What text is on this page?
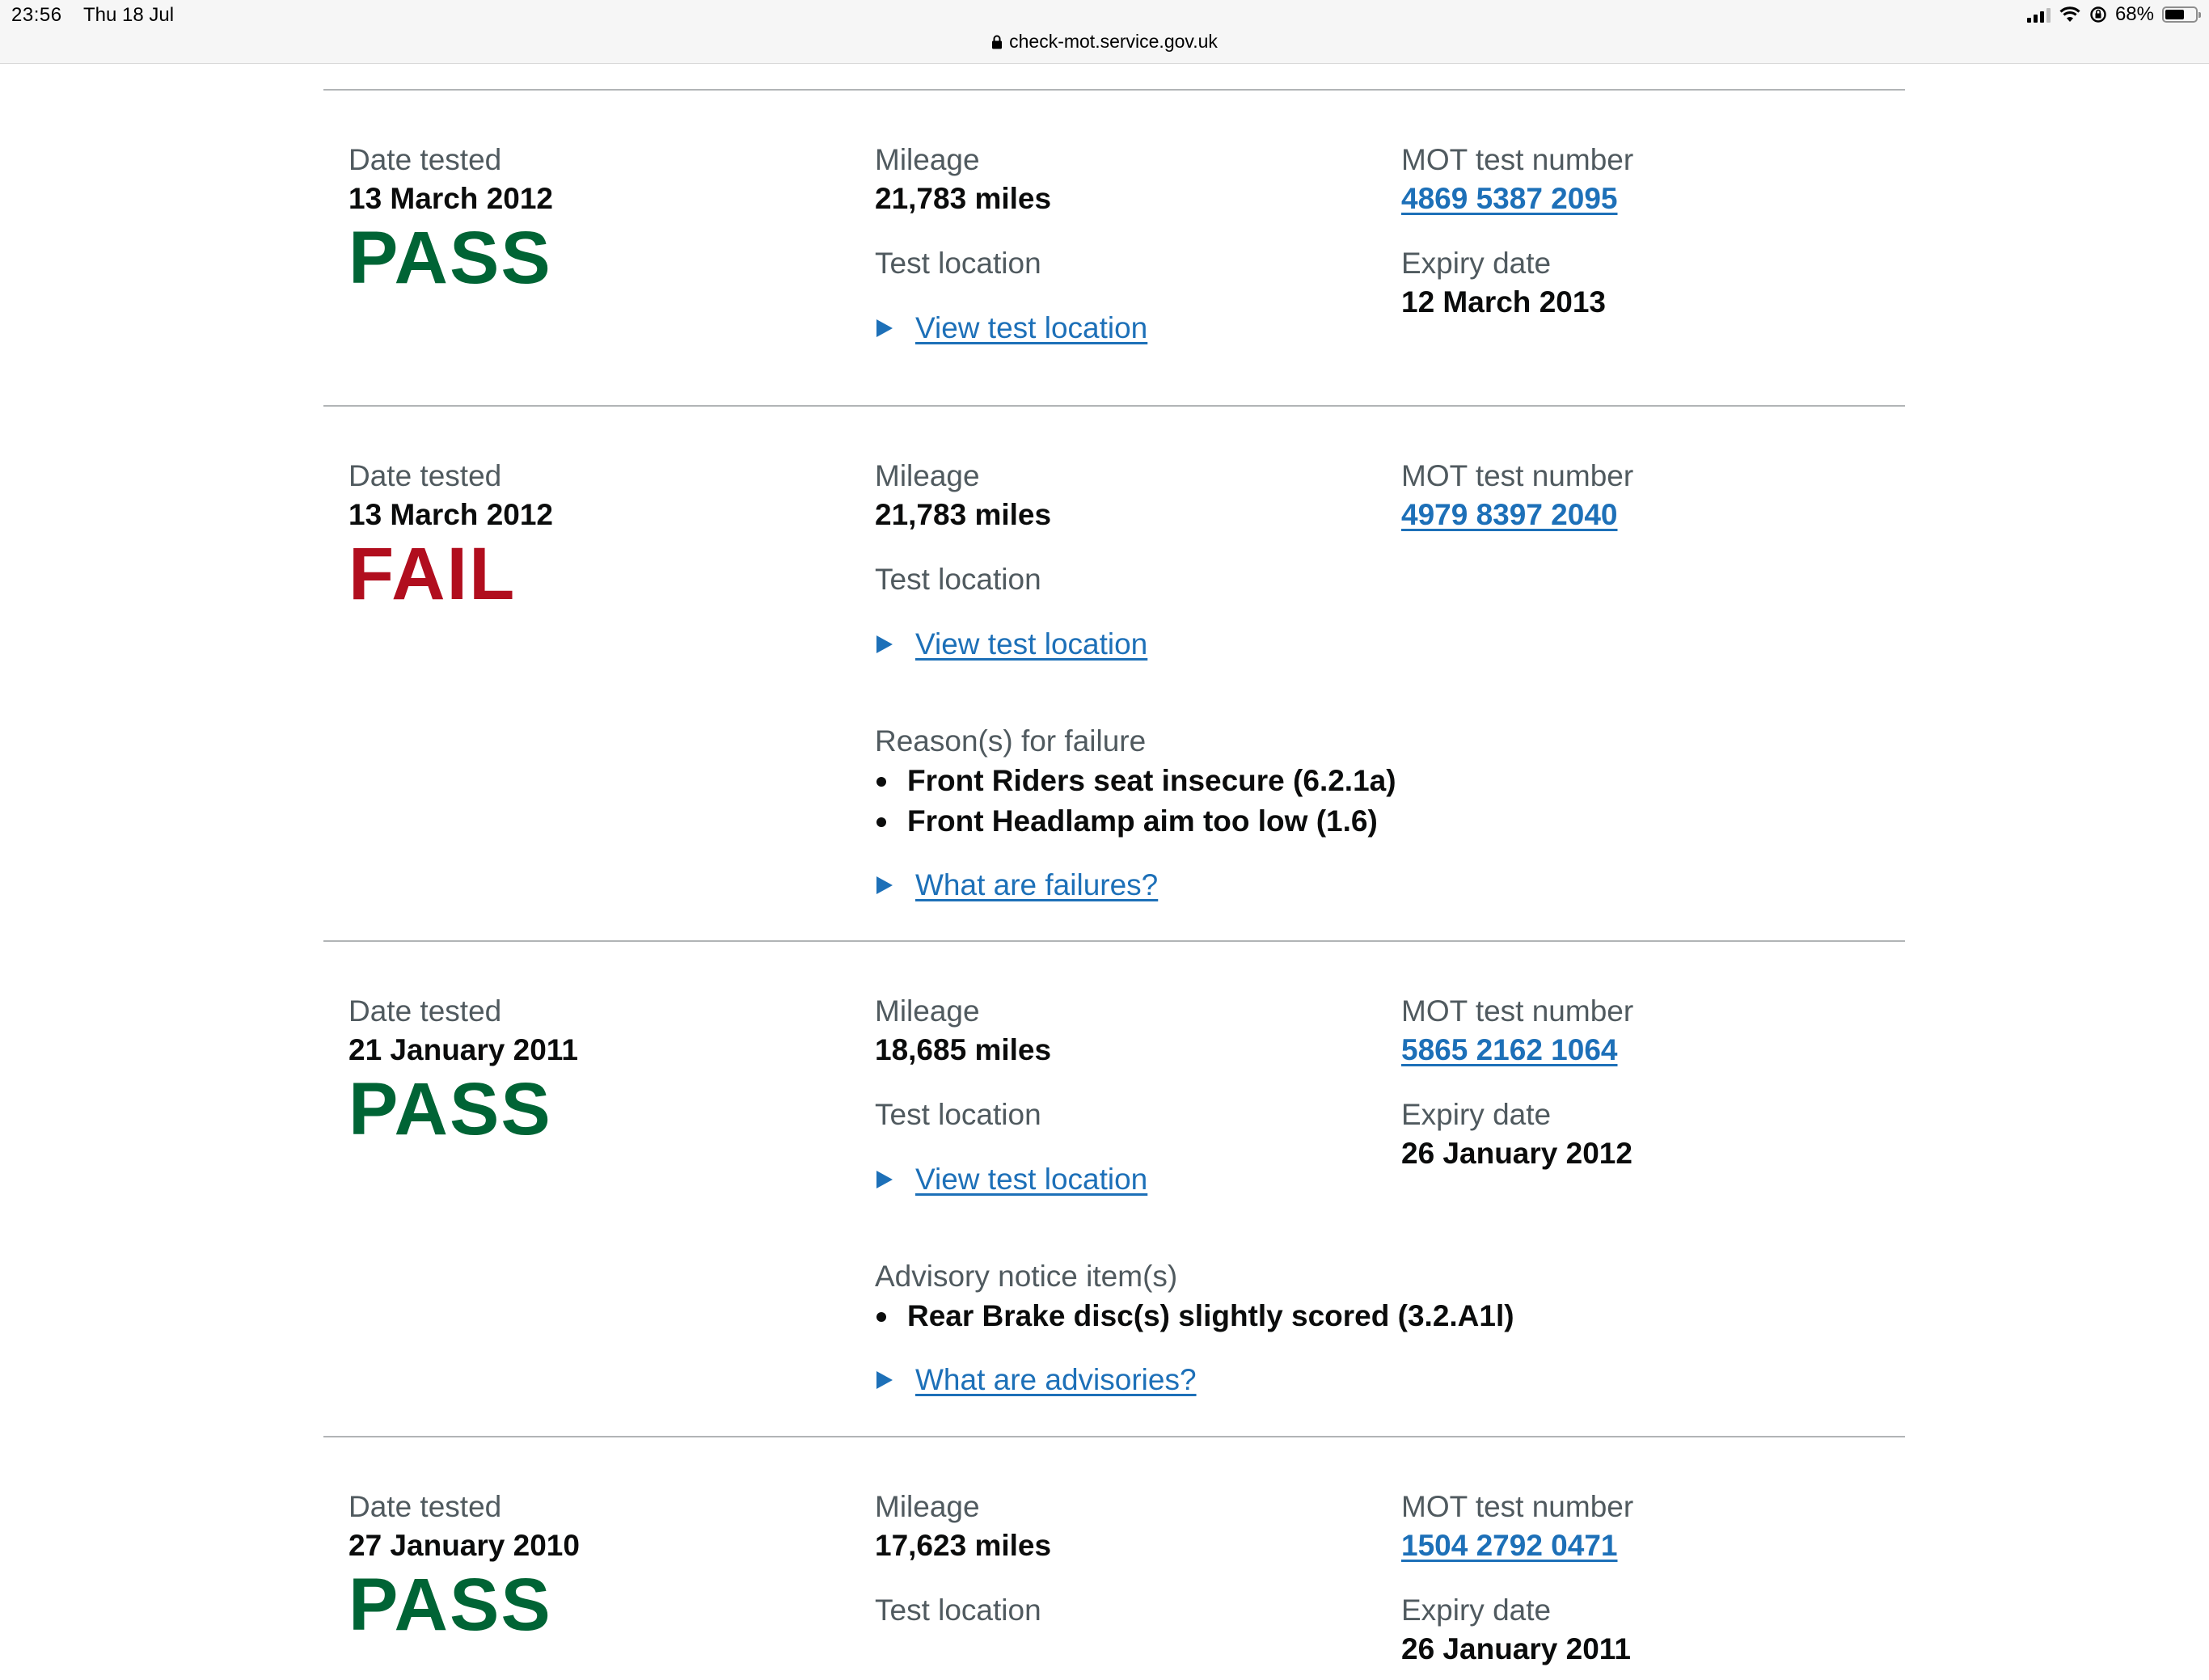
23:56 Thu 18 Jul	68%
check-mot.service.gov.uk
Date tested
13 March 2012
PASS
Mileage
21,783 miles
Test location
View test location
MOT test number
4869 5387 2095
Expiry date
12 March 2013
Date tested
13 March 2012
FAIL
Mileage
21,783 miles
Test location
View test location
Reason(s) for failure
Front Riders seat insecure (6.2.1a)
Front Headlamp aim too low (1.6)
What are failures?
MOT test number
4979 8397 2040
Date tested
21 January 2011
PASS
Mileage
18,685 miles
Test location
View test location
Advisory notice item(s)
Rear Brake disc(s) slightly scored (3.2.A1l)
What are advisories?
MOT test number
5865 2162 1064
Expiry date
26 January 2012
Date tested
27 January 2010
PASS
Mileage
17,623 miles
Test location
MOT test number
1504 2792 0471
Expiry date
26 January 2011
